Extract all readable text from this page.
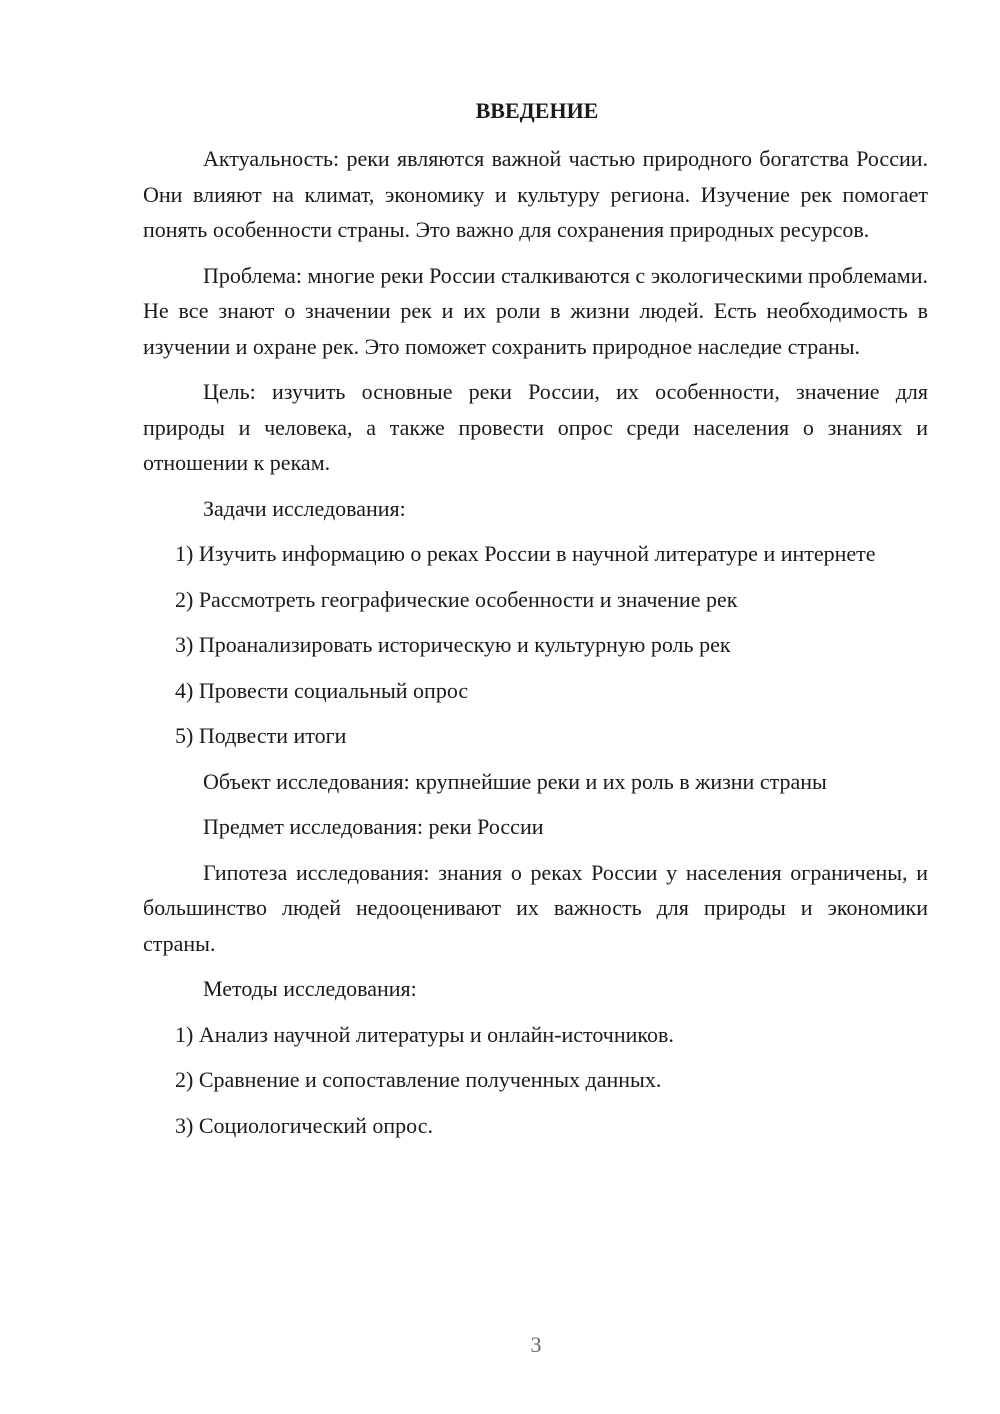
ВВЕДЕНИЕ

Актуальность: реки являются важной частью природного богатства России. Они влияют на климат, экономику и культуру региона. Изучение рек помогает понять особенности страны. Это важно для сохранения природных ресурсов.

Проблема: многие реки России сталкиваются с экологическими проблемами. Не все знают о значении рек и их роли в жизни людей. Есть необходимость в изучении и охране рек. Это поможет сохранить природное наследие страны.

Цель: изучить основные реки России, их особенности, значение для природы и человека, а также провести опрос среди населения о знаниях и отношении к рекам.

Задачи исследования:

1) Изучить информацию о реках России в научной литературе и интернете

2) Рассмотреть географические особенности и значение рек

3) Проанализировать историческую и культурную роль рек

4) Провести социальный опрос

5) Подвести итоги

Объект исследования: крупнейшие реки и их роль в жизни страны

Предмет исследования: реки России

Гипотеза исследования: знания о реках России у населения ограничены, и большинство людей недооценивают их важность для природы и экономики страны.

Методы исследования:

1) Анализ научной литературы и онлайн-источников.

2) Сравнение и сопоставление полученных данных.

3) Социологический опрос.

3
